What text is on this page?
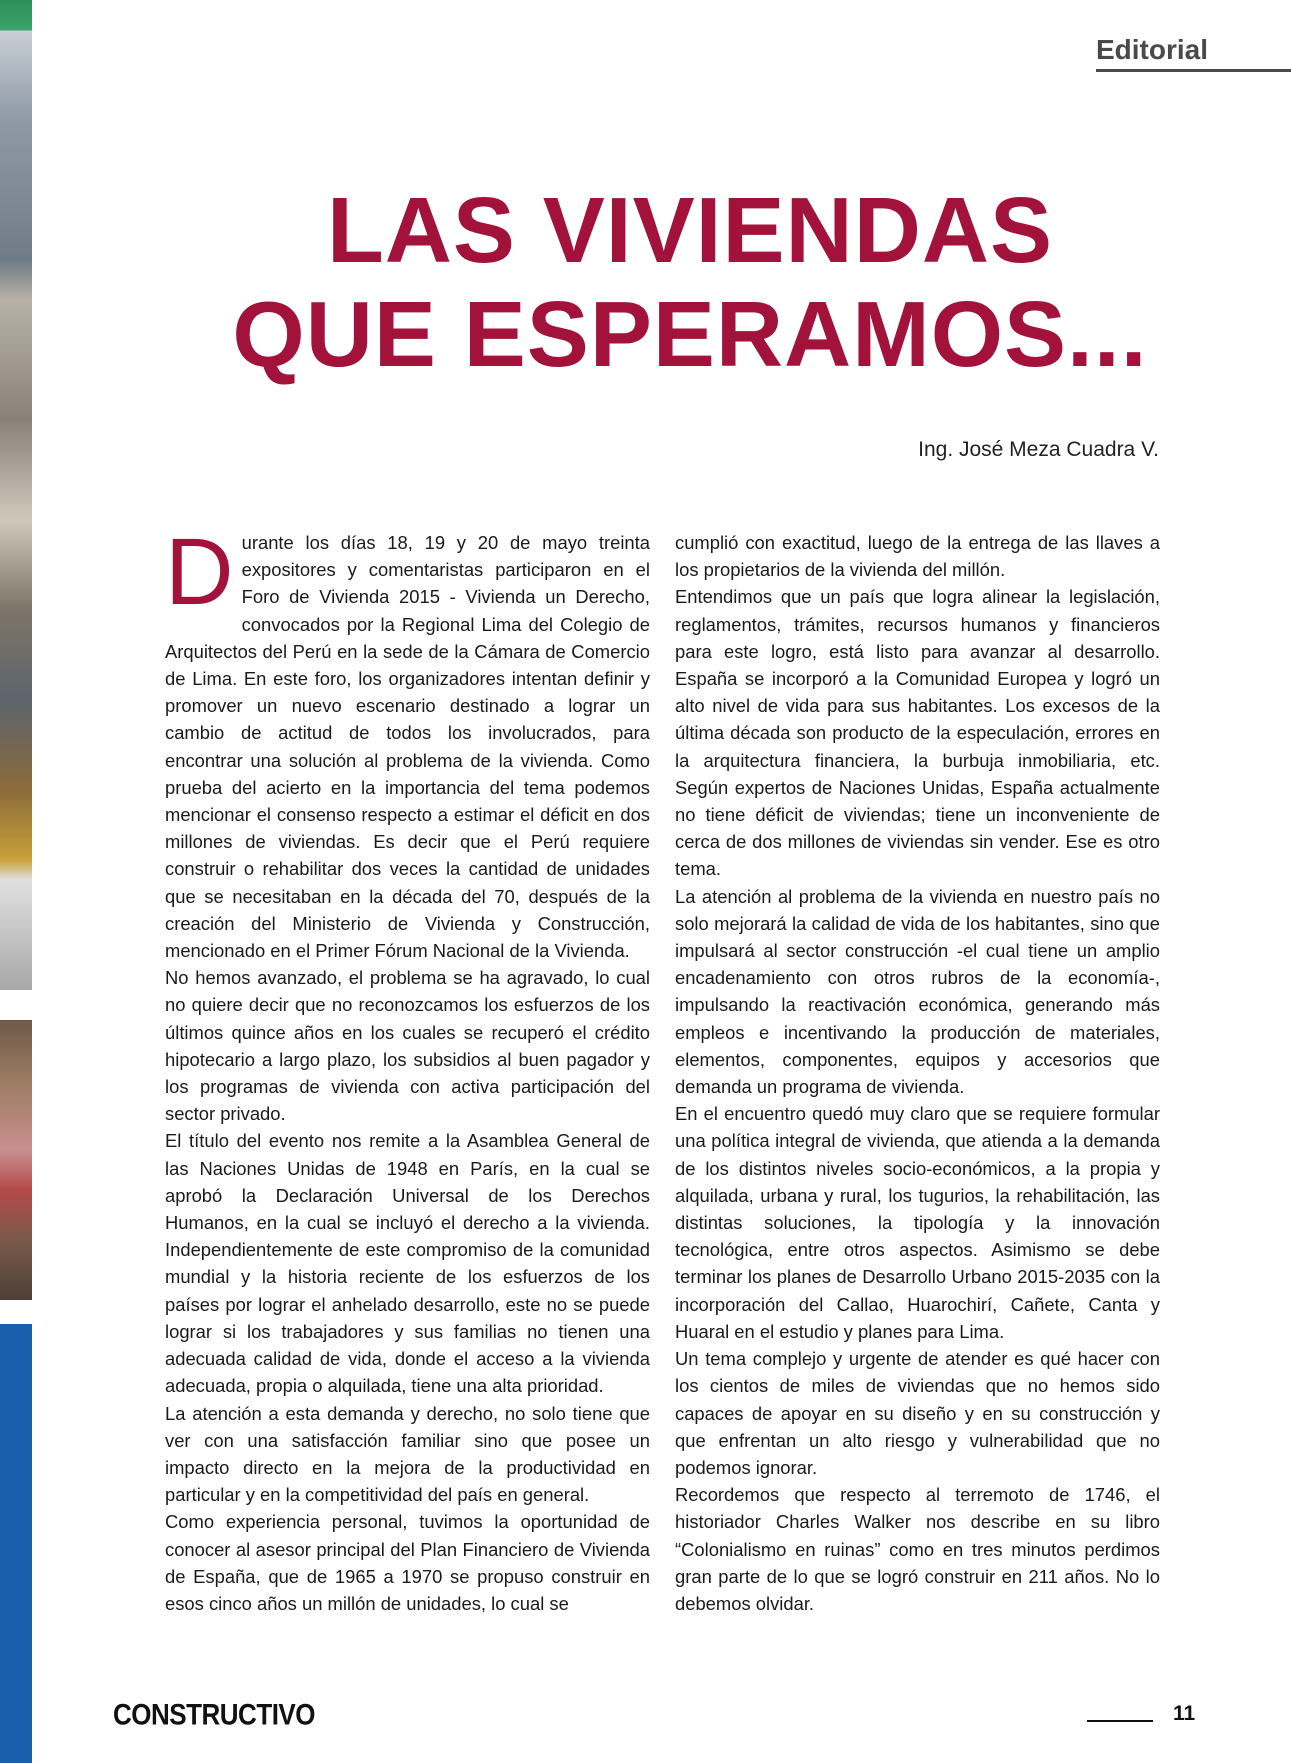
Editorial
LAS VIVIENDAS
QUE ESPERAMOS...
Ing. José Meza Cuadra V.

Durante los días 18, 19 y 20 de mayo treinta expositores y comentaristas participaron en el Foro de Vivienda 2015 - Vivienda un Derecho, convocados por la Regional Lima del Colegio de Arquitectos del Perú en la sede de la Cámara de Comercio de Lima. En este foro, los organizadores intentan definir y promover un nuevo escenario destinado a lograr un cambio de actitud de todos los involucrados, para encontrar una solución al problema de la vivienda. Como prueba del acierto en la importancia del tema podemos mencionar el consenso respecto a estimar el déficit en dos millones de viviendas. Es decir que el Perú requiere construir o rehabilitar dos veces la cantidad de unidades que se necesitaban en la década del 70, después de la creación del Ministerio de Vivienda y Construcción, mencionado en el Primer Fórum Nacional de la Vivienda.

No hemos avanzado, el problema se ha agravado, lo cual no quiere decir que no reconozcamos los esfuerzos de los últimos quince años en los cuales se recuperó el crédito hipotecario a largo plazo, los subsidios al buen pagador y los programas de vivienda con activa participación del sector privado.

El título del evento nos remite a la Asamblea General de las Naciones Unidas de 1948 en París, en la cual se aprobó la Declaración Universal de los Derechos Humanos, en la cual se incluyó el derecho a la vivienda. Independientemente de este compromiso de la comunidad mundial y la historia reciente de los esfuerzos de los países por lograr el anhelado desarrollo, este no se puede lograr si los trabajadores y sus familias no tienen una adecuada calidad de vida, donde el acceso a la vivienda adecuada, propia o alquilada, tiene una alta prioridad.

La atención a esta demanda y derecho, no solo tiene que ver con una satisfacción familiar sino que posee un impacto directo en la mejora de la productividad en particular y en la competitividad del país en general.

Como experiencia personal, tuvimos la oportunidad de conocer al asesor principal del Plan Financiero de Vivienda de España, que de 1965 a 1970 se propuso construir en esos cinco años un millón de unidades, lo cual se

cumplió con exactitud, luego de la entrega de las llaves a los propietarios de la vivienda del millón.

Entendimos que un país que logra alinear la legislación, reglamentos, trámites, recursos humanos y financieros para este logro, está listo para avanzar al desarrollo. España se incorporó a la Comunidad Europea y logró un alto nivel de vida para sus habitantes. Los excesos de la última década son producto de la especulación, errores en la arquitectura financiera, la burbuja inmobiliaria, etc. Según expertos de Naciones Unidas, España actualmente no tiene déficit de viviendas; tiene un inconveniente de cerca de dos millones de viviendas sin vender. Ese es otro tema.

La atención al problema de la vivienda en nuestro país no solo mejorará la calidad de vida de los habitantes, sino que impulsará al sector construcción -el cual tiene un amplio encadenamiento con otros rubros de la economía-, impulsando la reactivación económica, generando más empleos e incentivando la producción de materiales, elementos, componentes, equipos y accesorios que demanda un programa de vivienda.

En el encuentro quedó muy claro que se requiere formular una política integral de vivienda, que atienda a la demanda de los distintos niveles socio-económicos, a la propia y alquilada, urbana y rural, los tugurios, la rehabilitación, las distintas soluciones, la tipología y la innovación tecnológica, entre otros aspectos. Asimismo se debe terminar los planes de Desarrollo Urbano 2015-2035 con la incorporación del Callao, Huarochirí, Cañete, Canta y Huaral en el estudio y planes para Lima.

Un tema complejo y urgente de atender es qué hacer con los cientos de miles de viviendas que no hemos sido capaces de apoyar en su diseño y en su construcción y que enfrentan un alto riesgo y vulnerabilidad que no podemos ignorar.

Recordemos que respecto al terremoto de 1746, el historiador Charles Walker nos describe en su libro “Colonialismo en ruinas” como en tres minutos perdimos gran parte de lo que se logró construir en 211 años. No lo debemos olvidar.

CONSTRUCTIVO	11
